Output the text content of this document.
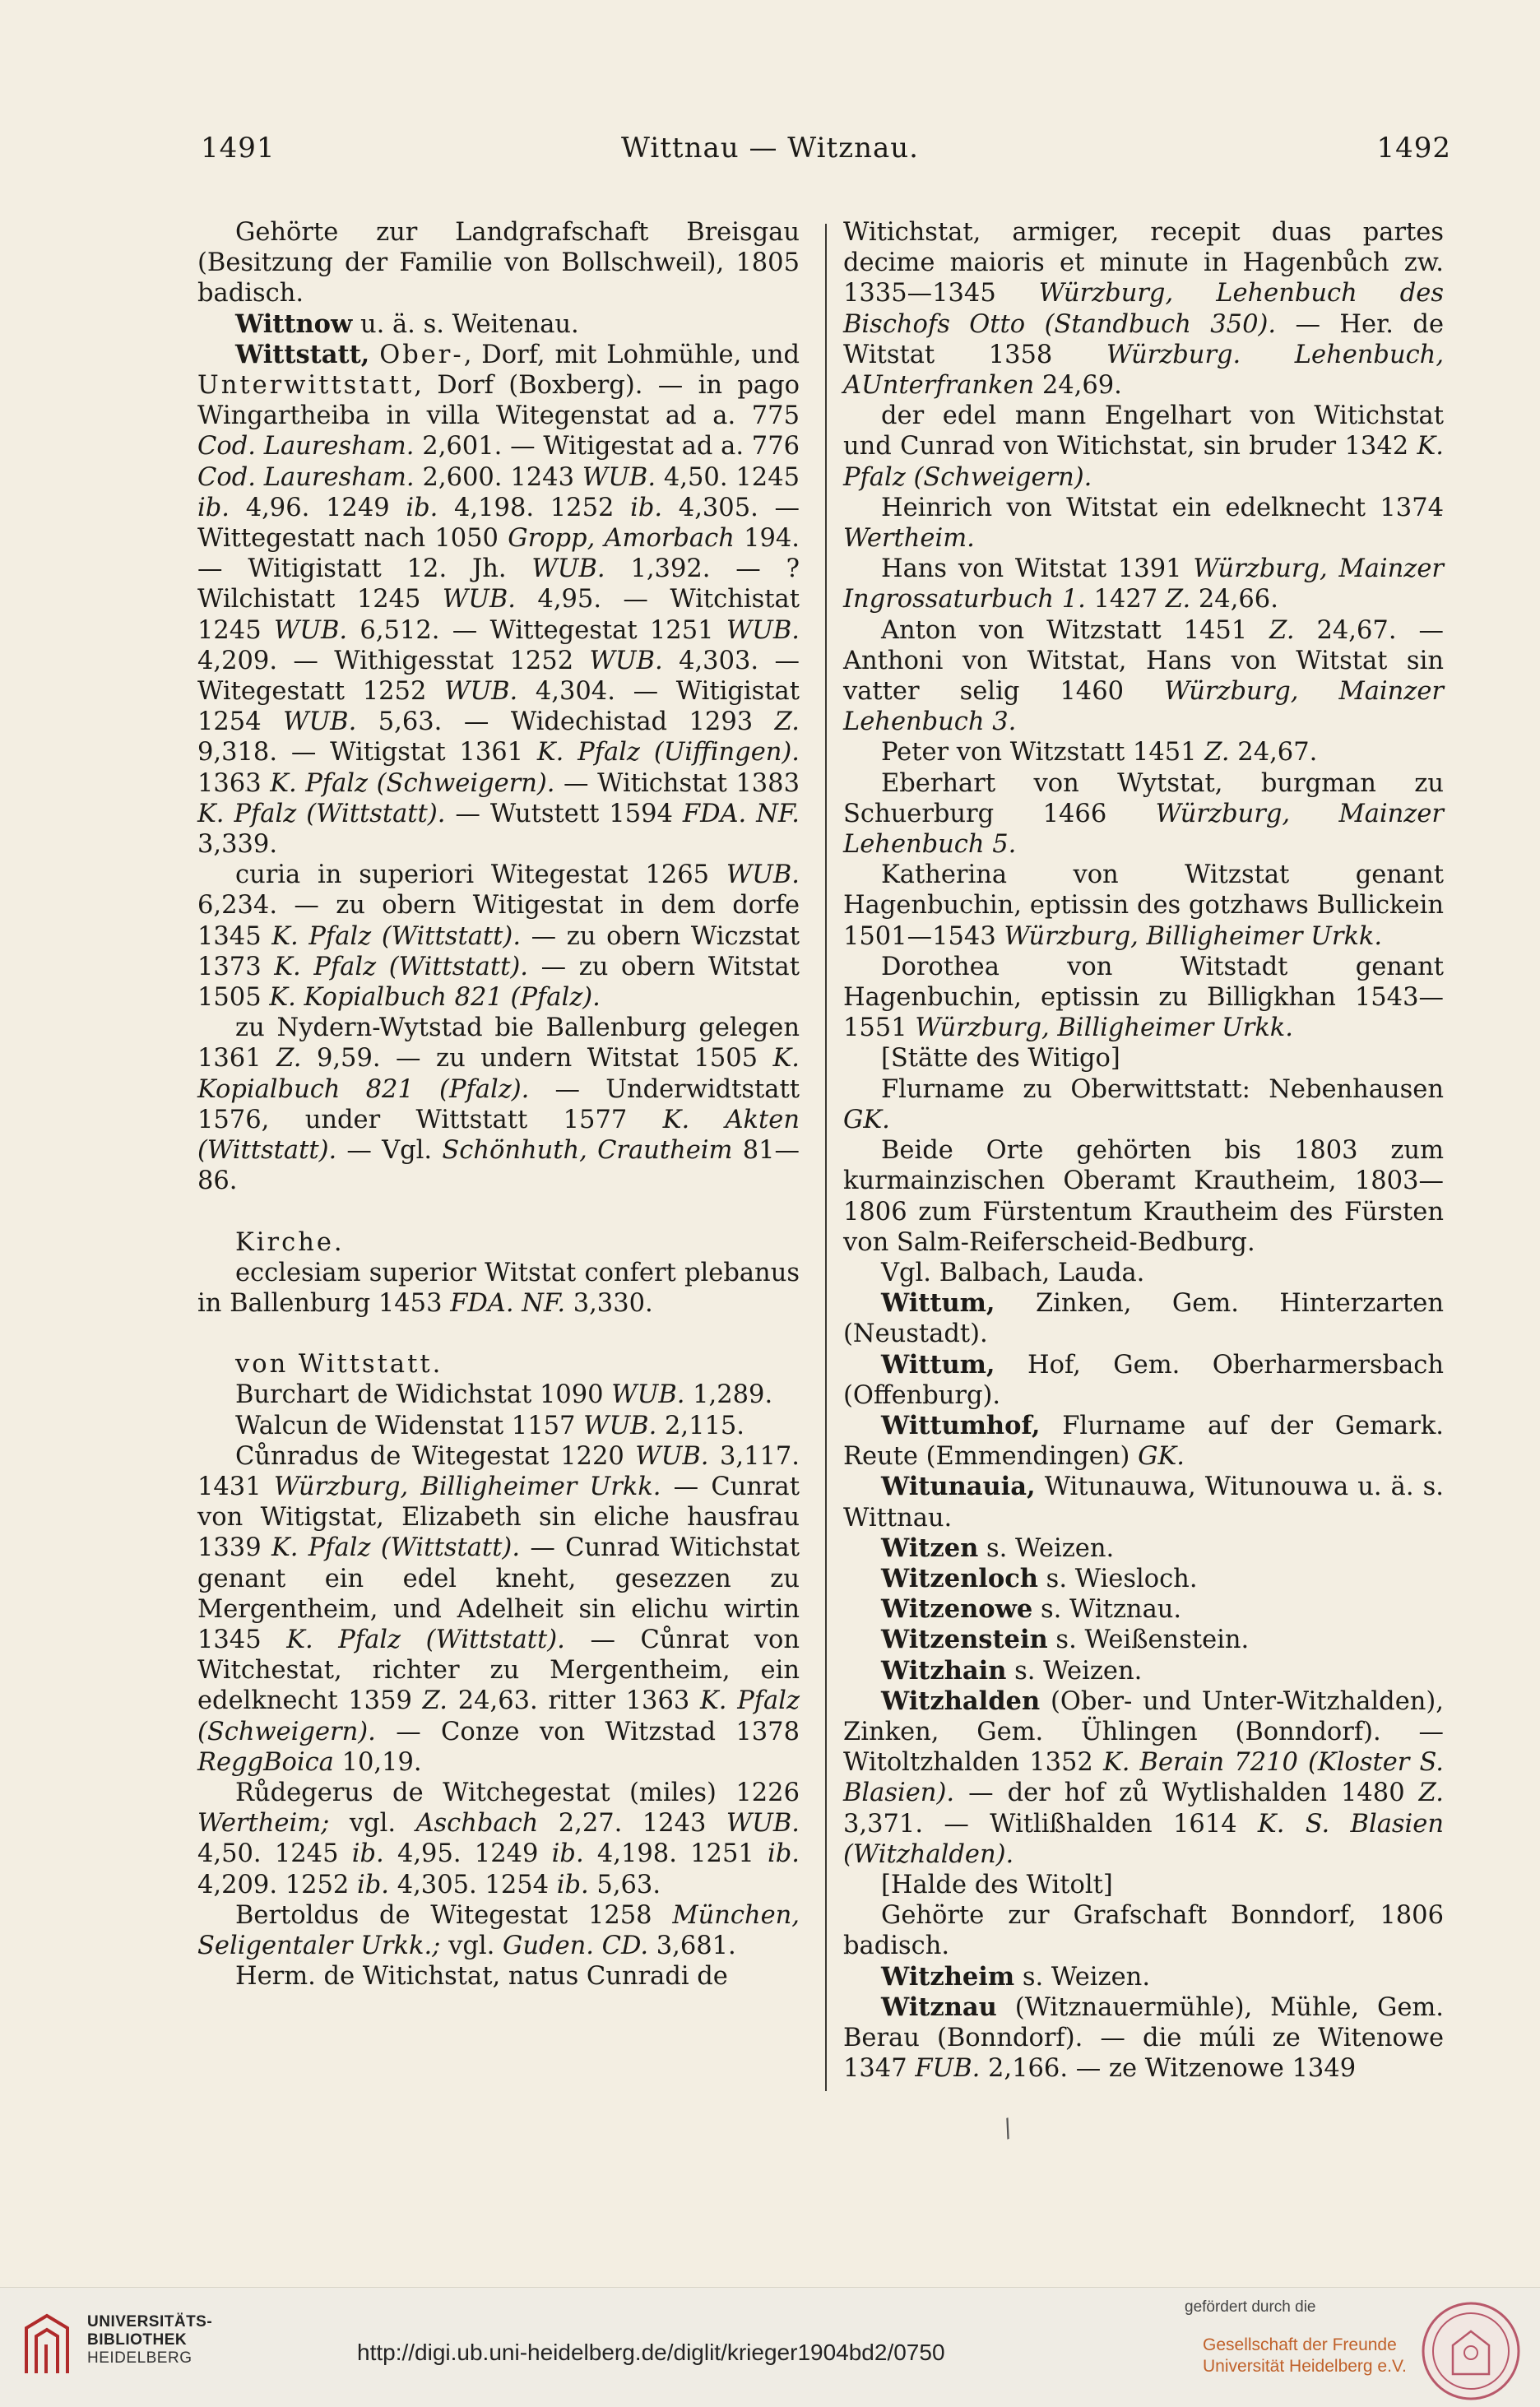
1491	Wittnau — Witznau.	1492

Gehörte zur Landgrafschaft Breisgau (Besitzung der Familie von Bollschweil), 1805 badisch.

Wittnow u. ä. s. Weitenau.

Wittstatt, Ober-, Dorf, mit Lohmühle, und Unterwittstatt, Dorf (Boxberg). — in pago Wingartheiba in villa Witegenstat ad a. 775 Cod. Lauresham. 2,601. — Witigestat ad a. 776 Cod. Lauresham. 2,600. 1243 WUB. 4,50. 1245 ib. 4,96. 1249 ib. 4,198. 1252 ib. 4,305. — Wittegestatt nach 1050 Gropp, Amorbach 194. — Witigistatt 12. Jh. WUB. 1,392. — ? Wilchistatt 1245 WUB. 4,95. — Witchistat 1245 WUB. 6,512. — Wittegestat 1251 WUB. 4,209. — Withigesstat 1252 WUB. 4,303. — Witegestatt 1252 WUB. 4,304. — Witigistat 1254 WUB. 5,63. — Widechistad 1293 Z. 9,318. — Witigstat 1361 K. Pfalz (Uiffingen). 1363 K. Pfalz (Schweigern). — Witichstat 1383 K. Pfalz (Wittstatt). — Wutstett 1594 FDA. NF. 3,339.

curia in superiori Witegestat 1265 WUB. 6,234. — zu obern Witigestat in dem dorfe 1345 K. Pfalz (Wittstatt). — zu obern Wiczstat 1373 K. Pfalz (Wittstatt). — zu obern Witstat 1505 K. Kopialbuch 821 (Pfalz).

zu Nydern-Wytstad bie Ballenburg gelegen 1361 Z. 9,59. — zu undern Witstat 1505 K. Kopialbuch 821 (Pfalz). — Underwidtstatt 1576, under Wittstatt 1577 K. Akten (Wittstatt). — Vgl. Schönhuth, Crautheim 81—86.

Kirche.

ecclesiam superior Witstat confert plebanus in Ballenburg 1453 FDA. NF. 3,330.

von Wittstatt.

Burchart de Widichstat 1090 WUB. 1,289.

Walcun de Widenstat 1157 WUB. 2,115.

Cůnradus de Witegestat 1220 WUB. 3,117. 1431 Würzburg, Billigheimer Urkk. — Cunrat von Witigstat, Elizabeth sin eliche hausfrau 1339 K. Pfalz (Wittstatt). — Cunrad Witichstat genant ein edel kneht, gesezzen zu Mergentheim, und Adelheit sin elichu wirtin 1345 K. Pfalz (Wittstatt). — Cůnrat von Witchestat, richter zu Mergentheim, ein edelknecht 1359 Z. 24,63. ritter 1363 K. Pfalz (Schweigern). — Conze von Witzstad 1378 ReggBoica 10,19.

Růdegerus de Witchegestat (miles) 1226 Wertheim; vgl. Aschbach 2,27. 1243 WUB. 4,50. 1245 ib. 4,95. 1249 ib. 4,198. 1251 ib. 4,209. 1252 ib. 4,305. 1254 ib. 5,63.

Bertoldus de Witegestat 1258 München, Seligentaler Urkk.; vgl. Guden. CD. 3,681.

Herm. de Witichstat, natus Cunradi de

Witichstat, armiger, recepit duas partes decime maioris et minute in Hagenbůch zw. 1335—1345 Würzburg, Lehenbuch des Bischofs Otto (Standbuch 350). — Her. de Witstat 1358 Würzburg. Lehenbuch, AUnterfranken 24,69.

der edel mann Engelhart von Witichstat und Cunrad von Witichstat, sin bruder 1342 K. Pfalz (Schweigern).

Heinrich von Witstat ein edelknecht 1374 Wertheim.

Hans von Witstat 1391 Würzburg, Mainzer Ingrossaturbuch 1. 1427 Z. 24,66.

Anton von Witzstatt 1451 Z. 24,67. — Anthoni von Witstat, Hans von Witstat sin vatter selig 1460 Würzburg, Mainzer Lehenbuch 3.

Peter von Witzstatt 1451 Z. 24,67.

Eberhart von Wytstat, burgman zu Schuerburg 1466 Würzburg, Mainzer Lehenbuch 5.

Katherina von Witzstat genant Hagenbuchin, eptissin des gotzhaws Bullickein 1501—1543 Würzburg, Billigheimer Urkk.

Dorothea von Witstadt genant Hagenbuchin, eptissin zu Billigkhan 1543—1551 Würzburg, Billigheimer Urkk.

[Stätte des Witigo]

Flurname zu Oberwittstatt: Nebenhausen GK.

Beide Orte gehörten bis 1803 zum kurmainzischen Oberamt Krautheim, 1803—1806 zum Fürstentum Krautheim des Fürsten von Salm-Reiferscheid-Bedburg.

Vgl. Balbach, Lauda.

Wittum, Zinken, Gem. Hinterzarten (Neustadt).

Wittum, Hof, Gem. Oberharmersbach (Offenburg).

Wittumhof, Flurname auf der Gemark. Reute (Emmendingen) GK.

Witunauia, Witunauwa, Witunouwa u. ä. s. Wittnau.

Witzen s. Weizen.

Witzenloch s. Wiesloch.

Witzenowe s. Witznau.

Witzenstein s. Weißenstein.

Witzhain s. Weizen.

Witzhalden (Ober- und Unter-Witzhalden), Zinken, Gem. Ühlingen (Bonndorf). — Witoltzhalden 1352 K. Berain 7210 (Kloster S. Blasien). — der hof zů Wytlishalden 1480 Z. 3,371. — Witlißhalden 1614 K. S. Blasien (Witzhalden).

[Halde des Witolt]

Gehörte zur Grafschaft Bonndorf, 1806 badisch.

Witzheim s. Weizen.

Witznau (Witznauermühle), Mühle, Gem. Berau (Bonndorf). — die múli ze Witenowe 1347 FUB. 2,166. — ze Witzenowe 1349

/
UNIVERSITÄTS-
BIBLIOTHEK
HEIDELBERG	http://digi.ub.uni-heidelberg.de/diglit/krieger1904bd2/0750
gefördert durch die
Gesellschaft der Freunde
Universität Heidelberg e.V.
